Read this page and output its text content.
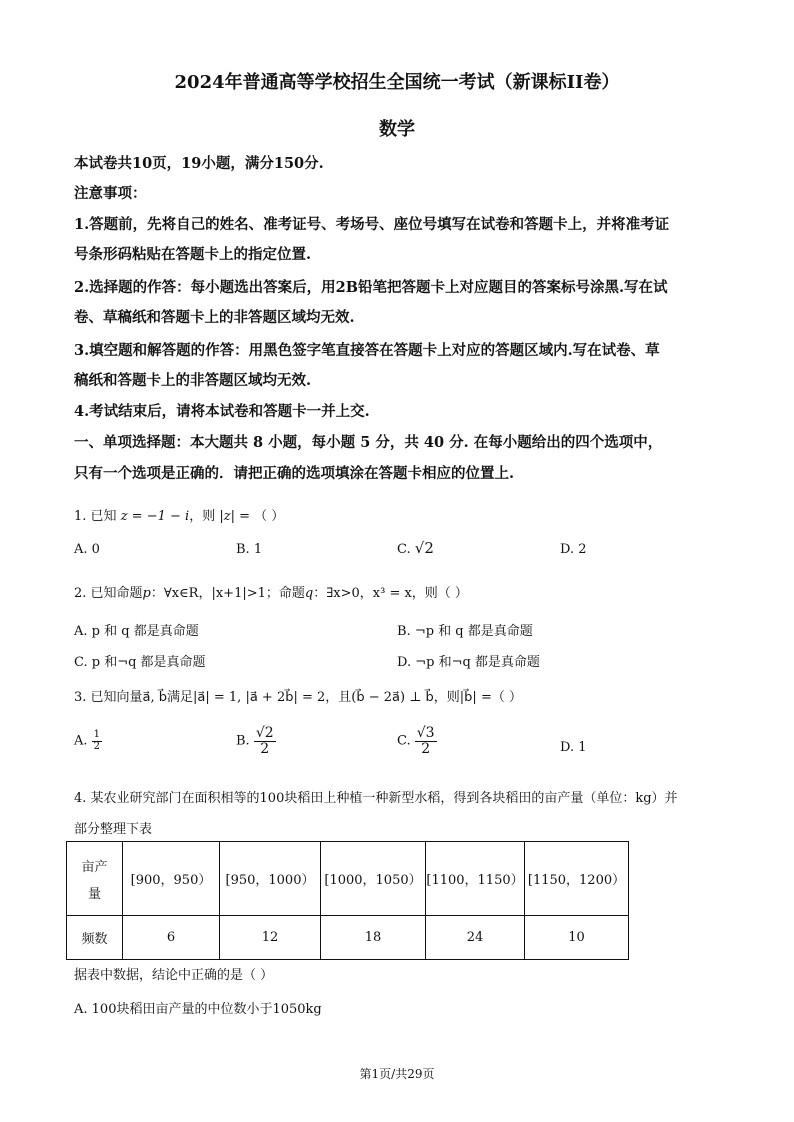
2024年普通高等学校招生全国统一考试（新课标II卷）
数学
本试卷共10页，19小题，满分150分.
注意事项：
1.答题前，先将自己的姓名、准考证号、考场号、座位号填写在试卷和答题卡上，并将准考证
号条形码粘贴在答题卡上的指定位置.
2.选择题的作答：每小题选出答案后，用2B铅笔把答题卡上对应题目的答案标号涂黑.写在试
卷、草稿纸和答题卡上的非答题区域均无效.
3.填空题和解答题的作答：用黑色签字笔直接答在答题卡上对应的答题区域内.写在试卷、草
稿纸和答题卡上的非答题区域均无效.
4.考试结束后，请将本试卷和答题卡一并上交.
一、单项选择题：本大题共 8 小题，每小题 5 分，共 40 分. 在每小题给出的四个选项中，
只有一个选项是正确的．请把正确的选项填涂在答题卡相应的位置上.
1. 已知 z = −1 − i，则 |z| = （ ）
A. 0	B. 1	C. √2	D. 2
2. 已知命题p：∀x∈R，|x+1|>1；命题q：∃x>0，x³ = x，则（ ）
A. p 和 q 都是真命题	B. ¬p 和 q 都是真命题
C. p 和¬q 都是真命题	D. ¬p 和¬q 都是真命题
3. 已知向量a⃗, b⃗满足|a⃗| = 1, |a⃗ + 2b⃗| = 2，且(b⃗ − 2a⃗) ⊥ b⃗，则|b⃗| =（ ）
A. $\frac{1}{2}$	B. $\frac{√2}{2}$	C. $\frac{√3}{2}$	D. 1
4. 某农业研究部门在面积相等的100块稻田上种植一种新型水稻，得到各块稻田的亩产量（单位：kg）并
部分整理下表
亩产
量	[900，950）	[950，1000）	[1000，1050）	[1100，1150）	[1150，1200）
频数	6	12	18	24	10
据表中数据，结论中正确的是（ ）
A. 100块稻田亩产量的中位数小于1050kg
第1页/共29页
